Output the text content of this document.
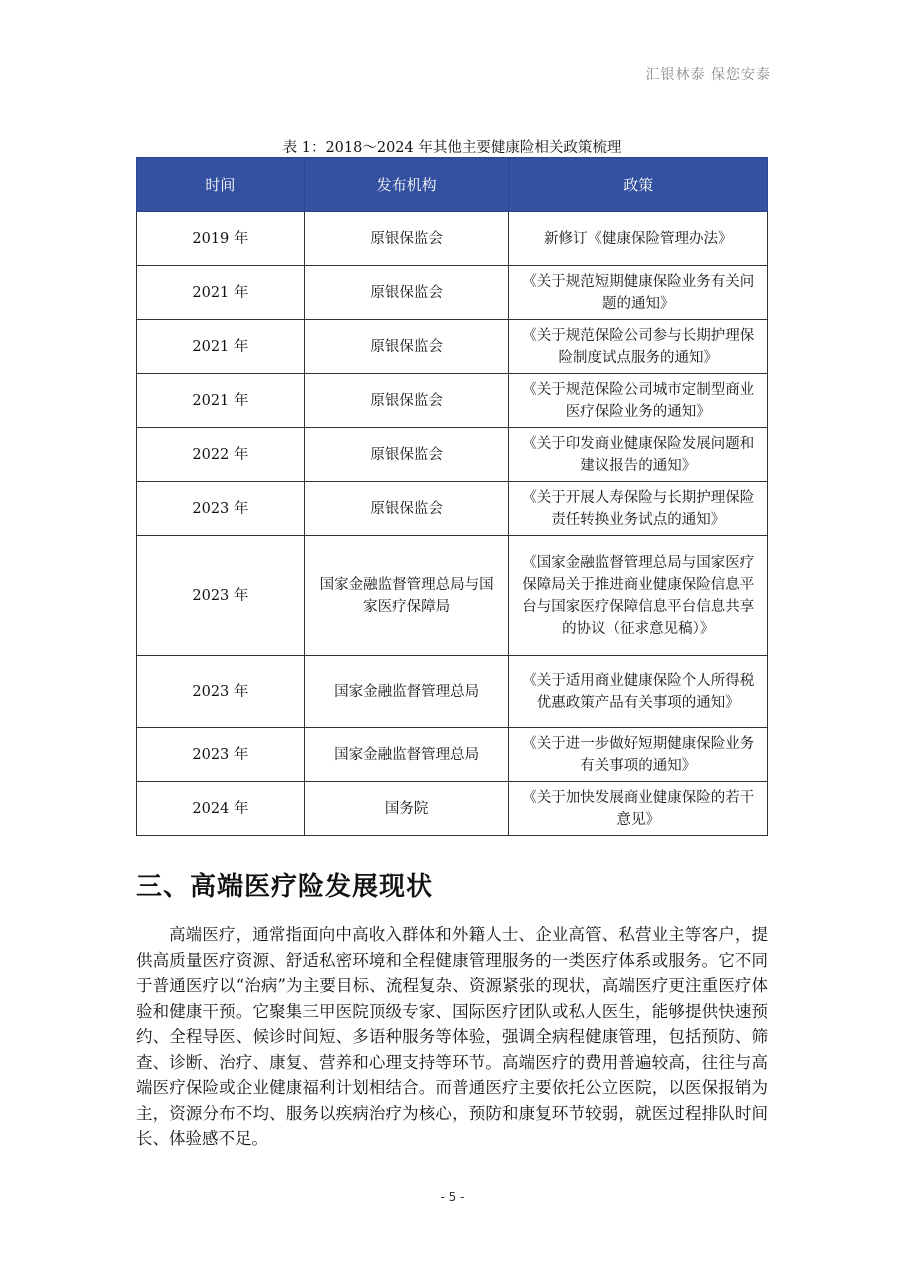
汇银林泰 保您安泰
表 1：2018～2024 年其他主要健康险相关政策梳理
时间	发布机构	政策
2019 年	原银保监会	新修订《健康保险管理办法》
2021 年	原银保监会	《关于规范短期健康保险业务有关问题的通知》
2021 年	原银保监会	《关于规范保险公司参与长期护理保险制度试点服务的通知》
2021 年	原银保监会	《关于规范保险公司城市定制型商业医疗保险业务的通知》
2022 年	原银保监会	《关于印发商业健康保险发展问题和建议报告的通知》
2023 年	原银保监会	《关于开展人寿保险与长期护理保险责任转换业务试点的通知》
2023 年	国家金融监督管理总局与国家医疗保障局	《国家金融监督管理总局与国家医疗保障局关于推进商业健康保险信息平台与国家医疗保障信息平台信息共享的协议（征求意见稿）》
2023 年	国家金融监督管理总局	《关于适用商业健康保险个人所得税优惠政策产品有关事项的通知》
2023 年	国家金融监督管理总局	《关于进一步做好短期健康保险业务有关事项的通知》
2024 年	国务院	《关于加快发展商业健康保险的若干意见》
三、高端医疗险发展现状

高端医疗，通常指面向中高收入群体和外籍人士、企业高管、私营业主等客户，提供高质量医疗资源、舒适私密环境和全程健康管理服务的一类医疗体系或服务。它不同于普通医疗以“治病”为主要目标、流程复杂、资源紧张的现状，高端医疗更注重医疗体验和健康干预。它聚集三甲医院顶级专家、国际医疗团队或私人医生，能够提供快速预约、全程导医、候诊时间短、多语种服务等体验，强调全病程健康管理，包括预防、筛查、诊断、治疗、康复、营养和心理支持等环节。高端医疗的费用普遍较高，往往与高端医疗保险或企业健康福利计划相结合。而普通医疗主要依托公立医院，以医保报销为主，资源分布不均、服务以疾病治疗为核心，预防和康复环节较弱，就医过程排队时间长、体验感不足。

- 5 -
